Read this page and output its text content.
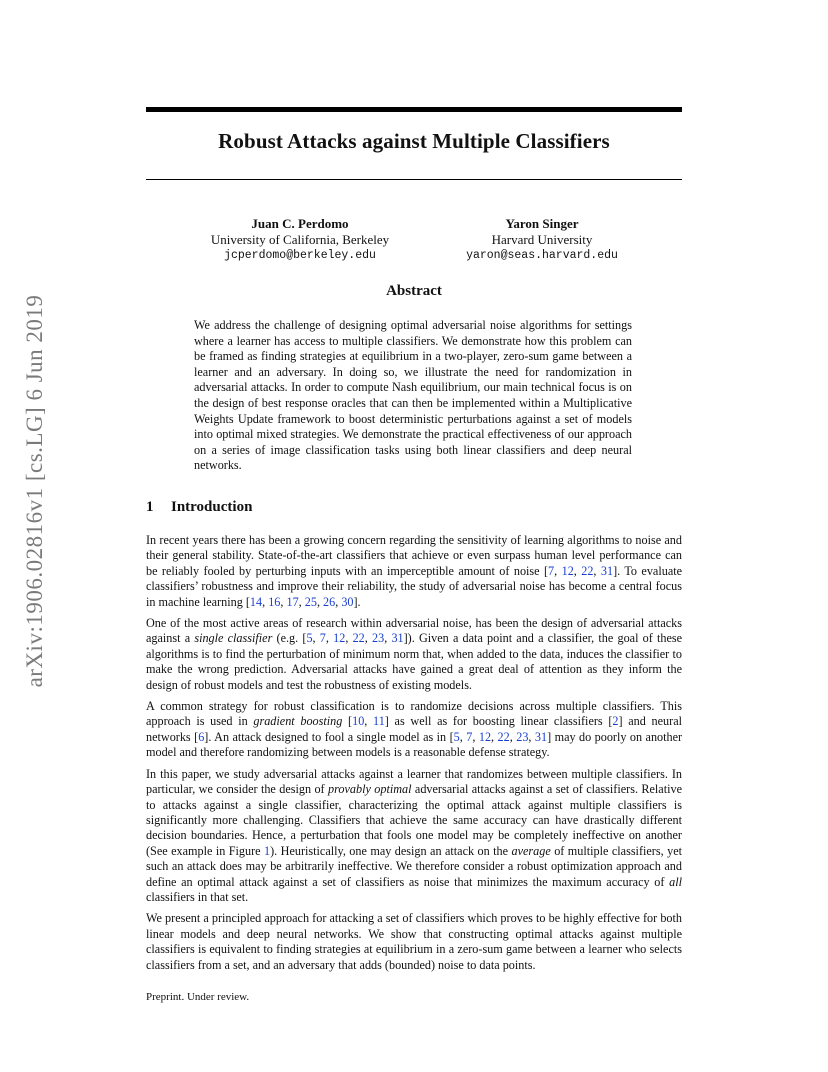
arXiv:1906.02816v1 [cs.LG] 6 Jun 2019
Robust Attacks against Multiple Classifiers
Juan C. Perdomo
University of California, Berkeley
jcperdomo@berkeley.edu
Yaron Singer
Harvard University
yaron@seas.harvard.edu
Abstract
We address the challenge of designing optimal adversarial noise algorithms for settings where a learner has access to multiple classifiers. We demonstrate how this problem can be framed as finding strategies at equilibrium in a two-player, zero-sum game between a learner and an adversary. In doing so, we illustrate the need for randomization in adversarial attacks. In order to compute Nash equilibrium, our main technical focus is on the design of best response oracles that can then be implemented within a Multiplicative Weights Update framework to boost deterministic perturbations against a set of models into optimal mixed strategies. We demonstrate the practical effectiveness of our approach on a series of image classification tasks using both linear classifiers and deep neural networks.
1 Introduction

In recent years there has been a growing concern regarding the sensitivity of learning algorithms to noise and their general stability. State-of-the-art classifiers that achieve or even surpass human level performance can be reliably fooled by perturbing inputs with an imperceptible amount of noise [7, 12, 22, 31]. To evaluate classifiers’ robustness and improve their reliability, the study of adversarial noise has become a central focus in machine learning [14, 16, 17, 25, 26, 30].

One of the most active areas of research within adversarial noise, has been the design of adversarial attacks against a single classifier (e.g. [5, 7, 12, 22, 23, 31]). Given a data point and a classifier, the goal of these algorithms is to find the perturbation of minimum norm that, when added to the data, induces the classifier to make the wrong prediction. Adversarial attacks have gained a great deal of attention as they inform the design of robust models and test the robustness of existing models.

A common strategy for robust classification is to randomize decisions across multiple classifiers. This approach is used in gradient boosting [10, 11] as well as for boosting linear classifiers [2] and neural networks [6]. An attack designed to fool a single model as in [5, 7, 12, 22, 23, 31] may do poorly on another model and therefore randomizing between models is a reasonable defense strategy.

In this paper, we study adversarial attacks against a learner that randomizes between multiple classifiers. In particular, we consider the design of provably optimal adversarial attacks against a set of classifiers. Relative to attacks against a single classifier, characterizing the optimal attack against multiple classifiers is significantly more challenging. Classifiers that achieve the same accuracy can have drastically different decision boundaries. Hence, a perturbation that fools one model may be completely ineffective on another (See example in Figure 1). Heuristically, one may design an attack on the average of multiple classifiers, yet such an attack does may be arbitrarily ineffective. We therefore consider a robust optimization approach and define an optimal attack against a set of classifiers as noise that minimizes the maximum accuracy of all classifiers in that set.

We present a principled approach for attacking a set of classifiers which proves to be highly effective for both linear models and deep neural networks. We show that constructing optimal attacks against multiple classifiers is equivalent to finding strategies at equilibrium in a zero-sum game between a learner who selects classifiers from a set, and an adversary that adds (bounded) noise to data points.

Preprint. Under review.
